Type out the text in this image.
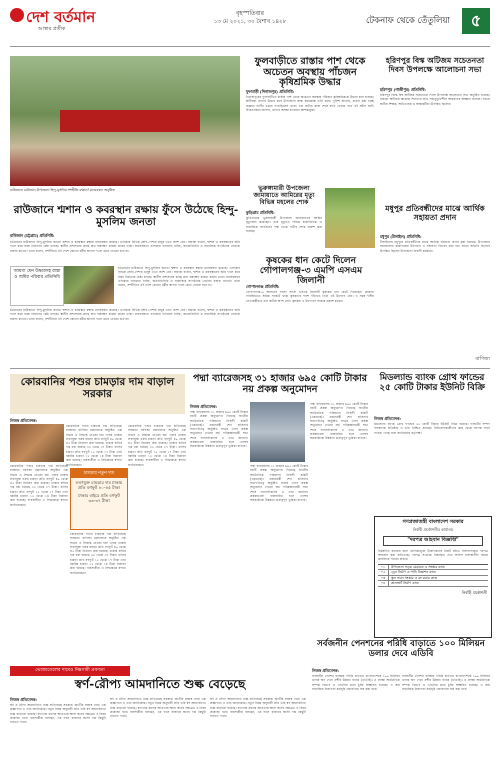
দেশ বর্তমান
আস্থার প্রতীক
বৃহস্পতিবার
১৩ মে ২০২১, ৩০ বৈশাখ ১৪২৮	টেকনাফ থেকে তেঁতুলিয়া	৫
রাউজানে রাউজান উপজেলা হিন্দু-মুসলিম সম্প্রীতি রক্ষার্থে মানববন্ধন অনুষ্ঠিত
রাউজানে শ্মশান ও কবরস্থান রক্ষায় ফুঁসে উঠেছে হিন্দু-মুসলিম জনতা
রাউজান (চট্টগ্রাম) প্রতিনিধি:
চট্টগ্রামের রাউজানে হিন্দু-মুসলিম জনতা শ্মশান ও কবরস্থান রক্ষায় মানববন্ধন করেছে। এলাকার বিভিন্ন শ্রেণি-পেশার মানুষ এতে অংশ নেন। বক্তারা বলেন, শ্মশান ও কবরস্থানের জমি দখল করে রাস্তা নির্মাণের চেষ্টা চলছে। স্থানীয় প্রশাসনের কাছে দ্রুত হস্তক্ষেপ কামনা করেন তারা। মানববন্ধনে এলাকার গণ্যমান্য ব্যক্তি, জনপ্রতিনিধি ও সামাজিক সংগঠনের নেতারা বক্তব্য রাখেন। তারা বলেন, সম্প্রীতির এই দেশে কোনো ধর্মীয় স্থাপনা দখল মেনে নেওয়া হবে না।
জায়গা যেন উদ্ধারসহ রাস্তা ও জমির পরিবার প্রতিনিধি
চট্টগ্রামের রাউজানে হিন্দু-মুসলিম জনতা শ্মশান ও কবরস্থান রক্ষায় মানববন্ধন করেছে। এলাকার বিভিন্ন শ্রেণি-পেশার মানুষ এতে অংশ নেন। বক্তারা বলেন, শ্মশান ও কবরস্থানের জমি দখল করে রাস্তা নির্মাণের চেষ্টা চলছে। স্থানীয় প্রশাসনের কাছে দ্রুত হস্তক্ষেপ কামনা করেন তারা। মানববন্ধনে এলাকার গণ্যমান্য ব্যক্তি, জনপ্রতিনিধি ও সামাজিক সংগঠনের নেতারা বক্তব্য রাখেন। তারা বলেন, সম্প্রীতির এই দেশে কোনো ধর্মীয় স্থাপনা দখল মেনে নেওয়া হবে না।
চট্টগ্রামের রাউজানে হিন্দু-মুসলিম জনতা শ্মশান ও কবরস্থান রক্ষায় মানববন্ধন করেছে। এলাকার বিভিন্ন শ্রেণি-পেশার মানুষ এতে অংশ নেন। বক্তারা বলেন, শ্মশান ও কবরস্থানের জমি দখল করে রাস্তা নির্মাণের চেষ্টা চলছে। স্থানীয় প্রশাসনের কাছে দ্রুত হস্তক্ষেপ কামনা করেন তারা। মানববন্ধনে এলাকার গণ্যমান্য ব্যক্তি, জনপ্রতিনিধি ও সামাজিক সংগঠনের নেতারা বক্তব্য রাখেন। তারা বলেন, সম্প্রীতির এই দেশে কোনো ধর্মীয় স্থাপনা দখল মেনে নেওয়া হবে না।
ফুলবাড়ীতে রাস্তার পাশ থেকে অচেতন অবস্থায় পাঁচজন কৃষিশ্রমিক উদ্ধার
ফুলবাড়ী (দিনাজপুর) প্রতিনিধি:
দিনাজপুরের ফুলবাড়ীতে রাস্তার পাশ থেকে অচেতন অবস্থায় পাঁচজন কৃষিশ্রমিককে উদ্ধার করা হয়েছে। স্থানীয়রা তাদের উদ্ধার করে উপজেলা স্বাস্থ্য কমপ্লেক্সে ভর্তি করে। পুলিশ জানায়, ধারণা করা হচ্ছে অজ্ঞান পার্টির খপ্পরে পড়েছিলেন তারা। ধান কাটার কাজ শেষে বাড়ি ফেরার পথে এই ঘটনা ঘটে। চিকিৎসকরা জানান, তাদের অবস্থা বর্তমানে আশঙ্কামুক্ত।
ভুরুঙ্গামারী উপজেলা জামায়াতে আমিরের মৃত্যু বিভিন্ন মহলের শোক
কুড়িগ্রাম প্রতিনিধি:
কুড়িগ্রামের ভুরুঙ্গামারী উপজেলা জামায়াতের আমির মৃত্যুবরণ করেছেন। তার মৃত্যুতে বিভিন্ন রাজনৈতিক ও সামাজিক সংগঠনের পক্ষ থেকে গভীর শোক প্রকাশ করা হয়েছে।
কৃষকের ধান কেটে দিলেন গোপালগঞ্জ-৩ এমপি এসএম জিলানী
গোপালগঞ্জ প্রতিনিধি:
গোপালগঞ্জ-৩ আসনের সংসদ সদস্য এসএম জিলানী কৃষকের ধান কেটে দিয়েছেন। করোনা পরিস্থিতিতে শ্রমিক সংকটে থাকা কৃষকদের পাশে দাঁড়াতে তিনি এই উদ্যোগ নেন। এ সময় দলীয় নেতাকর্মীরাও ধান কাটায় অংশ নেন। কৃষকরা এ উদ্যোগে সন্তোষ প্রকাশ করেন।
হরিণপুর বিস্ক অটিজম সচেতনতা দিবস উপলক্ষে আলোচনা সভা
হরিণপুর (গাজীপুর) প্রতিনিধি:
হরিণপুর বিস্কে বিশ্ব অটিজম সচেতনতা দিবস উপলক্ষে আলোচনা সভা অনুষ্ঠিত হয়েছে। বক্তারা অটিজম আক্রান্ত শিশুদের প্রতি সহানুভূতিশীল আচরণের আহ্বান জানান। সভায় স্থানীয় শিক্ষক, অভিভাবক ও স্বাস্থ্যকর্মীরা উপস্থিত ছিলেন।
মধুপুর প্রতিবন্ধীদের মাঝে আর্থিক সহায়তা প্রদান
মধুপুর (টাঙ্গাইল) প্রতিনিধি:
টাঙ্গাইলের মধুপুরে প্রতিবন্ধীদের মাঝে আর্থিক সহায়তা প্রদান করা হয়েছে। উপজেলা সমাজসেবা কার্যালয়ের উদ্যোগে এ সহায়তা বিতরণ করা হয়। প্রধান অতিথি হিসেবে উপস্থিত ছিলেন উপজেলা নির্বাহী কর্মকর্তা।
বাণিজ্য
কোরবানির পশুর চামড়ার দাম বাড়াল সরকার
নিজস্ব প্রতিবেদক:
কোরবানির পশুর চামড়ার দাম বাড়িয়েছে সরকার। বাণিজ্য মন্ত্রণালয়ে অনুষ্ঠিত এক সভায় এ সিদ্ধান্ত নেওয়া হয়। এবার ঢাকায় লবণযুক্ত গরুর চামড়া প্রতি বর্গফুট ৪০ থেকে ৪৫ টাকা নির্ধারণ করা হয়েছে। ঢাকার বাইরে দাম ধরা হয়েছে ৩৩ থেকে ৩৭ টাকা। খাসির চামড়া প্রতি বর্গফুট ১৫ থেকে ১৭ টাকা এবং বকরির চামড়া ১২ থেকে ১৪ টাকা নির্ধারণ করা হয়েছে। ব্যবসায়ীরা এ সিদ্ধান্তকে স্বাগত জানিয়েছেন।
কোরবানির পশুর চামড়ার দাম বাড়িয়েছে সরকার। বাণিজ্য মন্ত্রণালয়ে অনুষ্ঠিত এক সভায় এ সিদ্ধান্ত নেওয়া হয়। এবার ঢাকায় লবণযুক্ত গরুর চামড়া প্রতি বর্গফুট ৪০ থেকে ৪৫ টাকা নির্ধারণ করা হয়েছে। ঢাকার বাইরে দাম ধরা হয়েছে ৩৩ থেকে ৩৭ টাকা। খাসির চামড়া প্রতি বর্গফুট ১৫ থেকে ১৭ টাকা এবং বকরির চামড়া ১২ থেকে ১৪ টাকা নির্ধারণ করা হয়েছে। ব্যবসায়ীরা এ সিদ্ধান্তকে স্বাগত জানিয়েছেন।
চামড়ার নতুন দাম
লবণযুক্ত চামড়ার দাম ঢাকায় প্রতি বর্গফুট ৪০-৪৫ টাকা
ঢাকার বাইরে প্রতি বর্গফুট ৩৩-৩৭ টাকা
কোরবানির পশুর চামড়ার দাম বাড়িয়েছে সরকার। বাণিজ্য মন্ত্রণালয়ে অনুষ্ঠিত এক সভায় এ সিদ্ধান্ত নেওয়া হয়। এবার ঢাকায় লবণযুক্ত গরুর চামড়া প্রতি বর্গফুট ৪০ থেকে ৪৫ টাকা নির্ধারণ করা হয়েছে। ঢাকার বাইরে দাম ধরা হয়েছে ৩৩ থেকে ৩৭ টাকা। খাসির চামড়া প্রতি বর্গফুট ১৫ থেকে ১৭ টাকা এবং বকরির চামড়া ১২ থেকে ১৪ টাকা নির্ধারণ করা হয়েছে। ব্যবসায়ীরা এ সিদ্ধান্তকে স্বাগত জানিয়েছেন।
কোরবানির পশুর চামড়ার দাম বাড়িয়েছে সরকার। বাণিজ্য মন্ত্রণালয়ে অনুষ্ঠিত এক সভায় এ সিদ্ধান্ত নেওয়া হয়। এবার ঢাকায় লবণযুক্ত গরুর চামড়া প্রতি বর্গফুট ৪০ থেকে ৪৫ টাকা নির্ধারণ করা হয়েছে। ঢাকার বাইরে দাম ধরা হয়েছে ৩৩ থেকে ৩৭ টাকা। খাসির চামড়া প্রতি বর্গফুট ১৫ থেকে ১৭ টাকা এবং বকরির চামড়া ১২ থেকে ১৪ টাকা নির্ধারণ করা হয়েছে। ব্যবসায়ীরা এ সিদ্ধান্তকে স্বাগত জানিয়েছেন।
পদ্মা ব্যারেজসহ ৩১ হাজার ৬৯৫ কোটি টাকার নয় প্রকল্প অনুমোদন
নিজস্ব প্রতিবেদক:
পদ্মা ব্যারেজসহ ৩১ হাজার ৬৯৫ কোটি টাকার নয়টি প্রকল্প অনুমোদন দিয়েছে জাতীয় অর্থনৈতিক পরিষদের নির্বাহী কমিটি (একনেক)। প্রধানমন্ত্রী শেখ হাসিনার সভাপতিত্বে অনুষ্ঠিত সভায় এসব প্রকল্প অনুমোদন দেওয়া হয়। পরিকল্পনামন্ত্রী সভা শেষে সাংবাদিকদের এ তথ্য জানান। প্রকল্পগুলো বাস্তবায়িত হলে দেশের অবকাঠামো উন্নয়নে গুরুত্বপূর্ণ ভূমিকা রাখবে।
পদ্মা ব্যারেজসহ ৩১ হাজার ৬৯৫ কোটি টাকার নয়টি প্রকল্প অনুমোদন দিয়েছে জাতীয় অর্থনৈতিক পরিষদের নির্বাহী কমিটি (একনেক)। প্রধানমন্ত্রী শেখ হাসিনার সভাপতিত্বে অনুষ্ঠিত সভায় এসব প্রকল্প অনুমোদন দেওয়া হয়। পরিকল্পনামন্ত্রী সভা শেষে সাংবাদিকদের এ তথ্য জানান। প্রকল্পগুলো বাস্তবায়িত হলে দেশের অবকাঠামো উন্নয়নে গুরুত্বপূর্ণ ভূমিকা রাখবে।
পদ্মা ব্যারেজসহ ৩১ হাজার ৬৯৫ কোটি টাকার নয়টি প্রকল্প অনুমোদন দিয়েছে জাতীয় অর্থনৈতিক পরিষদের নির্বাহী কমিটি (একনেক)। প্রধানমন্ত্রী শেখ হাসিনার সভাপতিত্বে অনুষ্ঠিত সভায় এসব প্রকল্প অনুমোদন দেওয়া হয়। পরিকল্পনামন্ত্রী সভা শেষে সাংবাদিকদের এ তথ্য জানান। প্রকল্পগুলো বাস্তবায়িত হলে দেশের অবকাঠামো উন্নয়নে গুরুত্বপূর্ণ ভূমিকা রাখবে।
মিডল্যান্ড ব্যাংক গ্রোথ ফান্ডের ২৫ কোটি টাকার ইউনিট বিক্রি
নিজস্ব প্রতিবেদক:
মিডল্যান্ড ব্যাংক গ্রোথ ফান্ডের ২৫ কোটি টাকার ইউনিট বিক্রি হয়েছে। ফান্ডটির সম্পদ ব্যবস্থাপক প্রতিষ্ঠান এ তথ্য নিশ্চিত করেছে। বিনিয়োগকারীদের কাছ থেকে ব্যাপক সাড়া পাওয়া গেছে বলে জানিয়েছে কর্তৃপক্ষ।
গণপ্রজাতন্ত্রী বাংলাদেশ সরকার
নির্বাহী প্রকৌশলীর কার্যালয়
"দরপত্র আহবান বিজ্ঞপ্তি"
নিম্নবর্ণিত কাজের জন্য তালিকাভুক্ত ঠিকাদারদের নিকট হইতে সিলগালাকৃত দরপত্র আহবান করা যাইতেছে। দরপত্র সংক্রান্ত বিস্তারিত তথ্য অফিস চলাকালীন সময়ে কার্যালয়ে পাওয়া যাইবে।
০১	উপজেলা সড়ক মেরামত ও সংস্কার কাজ
০২	ড্রেন নির্মাণ ও পানি নিষ্কাশন কাজ
০৩	স্কুল ভবন সংস্কার ও রং করার কাজ
০৪	কালভার্ট নির্মাণ কাজ
নির্বাহী প্রকৌশলী
ভোজ্যতেলের দামেও নিম্নগামী প্রবণতা
স্বর্ণ-রৌপ্য আমদানিতে শুল্ক বেড়েছে
নিজস্ব প্রতিবেদক:
স্বর্ণ ও রৌপ্য আমদানিতে শুল্ক বাড়িয়েছে সরকার। জাতীয় রাজস্ব বোর্ড এক প্রজ্ঞাপনে এ তথ্য জানিয়েছে। নতুন নিয়ম অনুযায়ী প্রতি ভরি স্বর্ণ আমদানিতে শুল্ক বাড়ানো হয়েছে। ব্যাগেজ রুলের আওতায় আনা স্বর্ণের ক্ষেত্রেও এ নিয়ম প্রযোজ্য হবে। ব্যবসায়ীরা বলছেন, এর ফলে বাজারে স্বর্ণের দাম কিছুটা বাড়তে পারে।
স্বর্ণ ও রৌপ্য আমদানিতে শুল্ক বাড়িয়েছে সরকার। জাতীয় রাজস্ব বোর্ড এক প্রজ্ঞাপনে এ তথ্য জানিয়েছে। নতুন নিয়ম অনুযায়ী প্রতি ভরি স্বর্ণ আমদানিতে শুল্ক বাড়ানো হয়েছে। ব্যাগেজ রুলের আওতায় আনা স্বর্ণের ক্ষেত্রেও এ নিয়ম প্রযোজ্য হবে। ব্যবসায়ীরা বলছেন, এর ফলে বাজারে স্বর্ণের দাম কিছুটা বাড়তে পারে।
স্বর্ণ ও রৌপ্য আমদানিতে শুল্ক বাড়িয়েছে সরকার। জাতীয় রাজস্ব বোর্ড এক প্রজ্ঞাপনে এ তথ্য জানিয়েছে। নতুন নিয়ম অনুযায়ী প্রতি ভরি স্বর্ণ আমদানিতে শুল্ক বাড়ানো হয়েছে। ব্যাগেজ রুলের আওতায় আনা স্বর্ণের ক্ষেত্রেও এ নিয়ম প্রযোজ্য হবে। ব্যবসায়ীরা বলছেন, এর ফলে বাজারে স্বর্ণের দাম কিছুটা বাড়তে পারে।
সর্বজনীন পেনশনের পরিধি বাড়াতে ১০০ মিলিয়ন ডলার দেবে এডিবি
নিজস্ব প্রতিবেদক:
সর্বজনীন পেনশন ব্যবস্থার পরিধি বাড়াতে বাংলাদেশকে ১০০ মিলিয়ন ডলার ঋণ দেবে এশীয় উন্নয়ন ব্যাংক (এডিবি)। এ লক্ষ্যে অর্থনৈতিক সম্পর্ক বিভাগ ও এডিবির মধ্যে চুক্তি স্বাক্ষরিত হয়েছে। এ অর্থ সামাজিক নিরাপত্তা কর্মসূচি জোরদারে ব্যয় করা হবে।
সর্বজনীন পেনশন ব্যবস্থার পরিধি বাড়াতে বাংলাদেশকে ১০০ মিলিয়ন ডলার ঋণ দেবে এশীয় উন্নয়ন ব্যাংক (এডিবি)। এ লক্ষ্যে অর্থনৈতিক সম্পর্ক বিভাগ ও এডিবির মধ্যে চুক্তি স্বাক্ষরিত হয়েছে। এ অর্থ সামাজিক নিরাপত্তা কর্মসূচি জোরদারে ব্যয় করা হবে।
